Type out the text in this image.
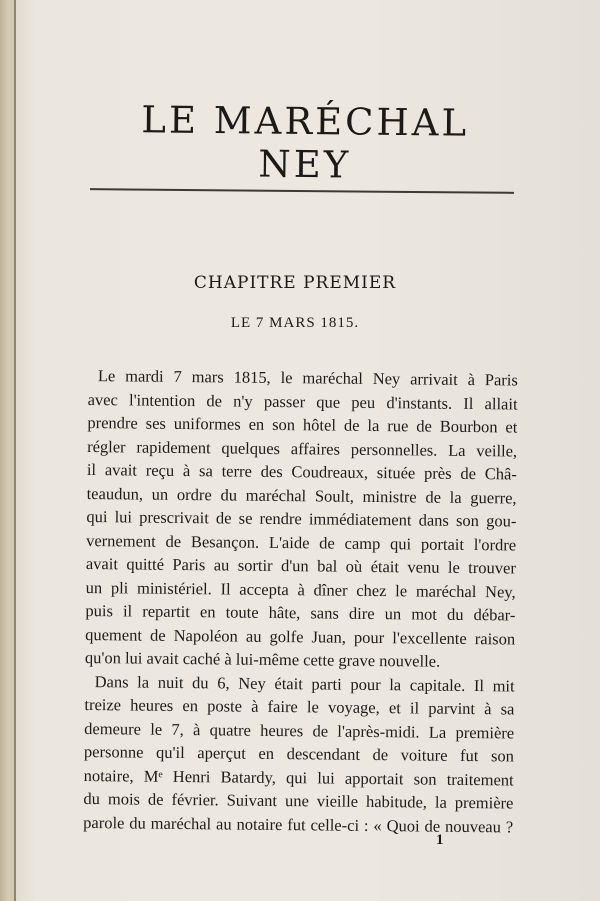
LE MARÉCHAL NEY
CHAPITRE PREMIER
LE 7 MARS 1815.
Le mardi 7 mars 1815, le maréchal Ney arrivait à Paris
avec l'intention de n'y passer que peu d'instants. Il allait
prendre ses uniformes en son hôtel de la rue de Bourbon et
régler rapidement quelques affaires personnelles. La veille,
il avait reçu à sa terre des Coudreaux, située près de Châ-
teaudun, un ordre du maréchal Soult, ministre de la guerre,
qui lui prescrivait de se rendre immédiatement dans son gou-
vernement de Besançon. L'aide de camp qui portait l'ordre
avait quitté Paris au sortir d'un bal où était venu le trouver
un pli ministériel. Il accepta à dîner chez le maréchal Ney,
puis il repartit en toute hâte, sans dire un mot du débar-
quement de Napoléon au golfe Juan, pour l'excellente raison
qu'on lui avait caché à lui-même cette grave nouvelle.
Dans la nuit du 6, Ney était parti pour la capitale. Il mit
treize heures en poste à faire le voyage, et il parvint à sa
demeure le 7, à quatre heures de l'après-midi. La première
personne qu'il aperçut en descendant de voiture fut son
notaire, Mᵉ Henri Batardy, qui lui apportait son traitement
du mois de février. Suivant une vieille habitude, la première
parole du maréchal au notaire fut celle-ci : « Quoi de nouveau ?
1
